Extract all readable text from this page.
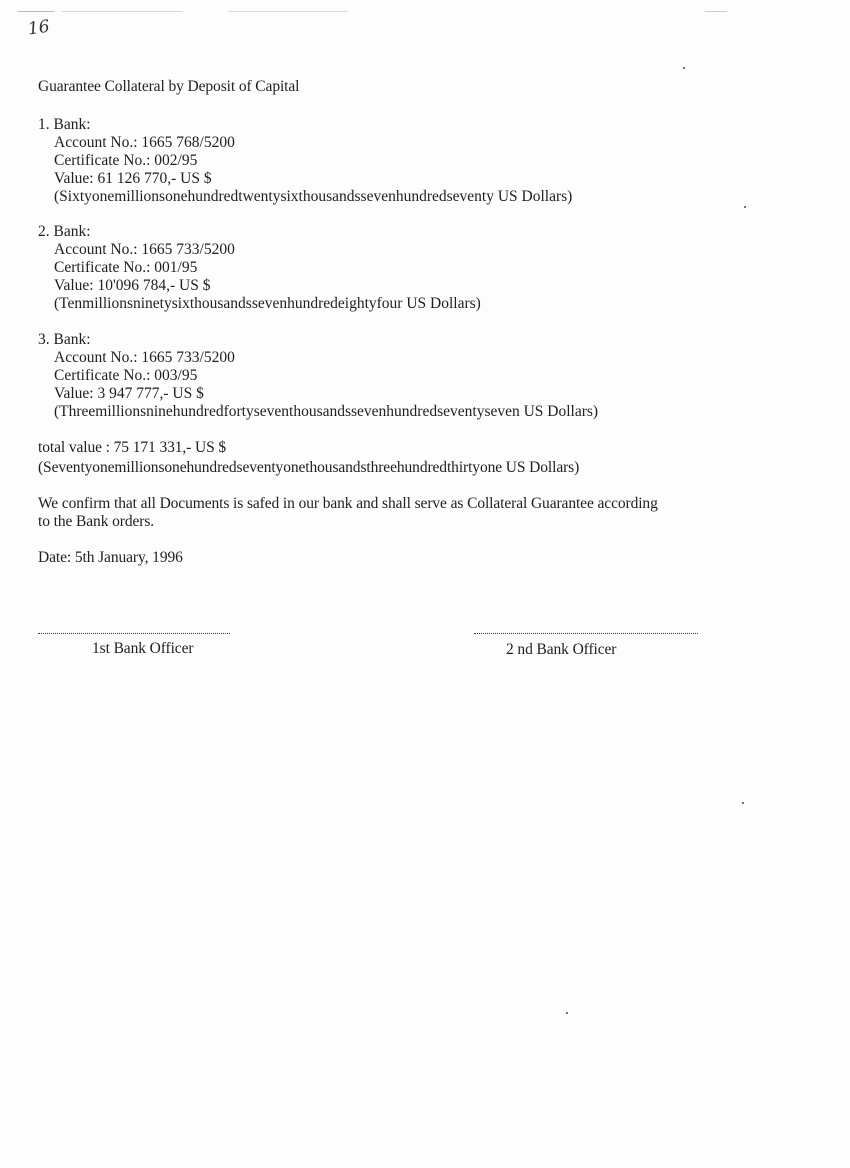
16
Guarantee Collateral by Deposit of Capital
1. Bank:
Account No.: 1665 768/5200
Certificate No.: 002/95
Value: 61 126 770,- US $
(Sixtyonemillionsonehundredtwentysixthousandssevenhundredseventy US Dollars)
2. Bank:
Account No.: 1665 733/5200
Certificate No.: 001/95
Value: 10'096 784,- US $
(Tenmillionsninetysixthousandssevenhundredeightyfour US Dollars)
3. Bank:
Account No.: 1665 733/5200
Certificate No.: 003/95
Value: 3 947 777,- US $
(Threemillionsninehundredfortyseventhousandssevenhundredseventyseven US Dollars)
total value : 75 171 331,- US $
(Seventyonemillionsonehundredseventyonethousandsthreehundredthirtyone US Dollars)
We confirm that all Documents is safed in our bank and shall serve as Collateral Guarantee according
to the Bank orders.
Date: 5th January, 1996
1st Bank Officer	2 nd Bank Officer
